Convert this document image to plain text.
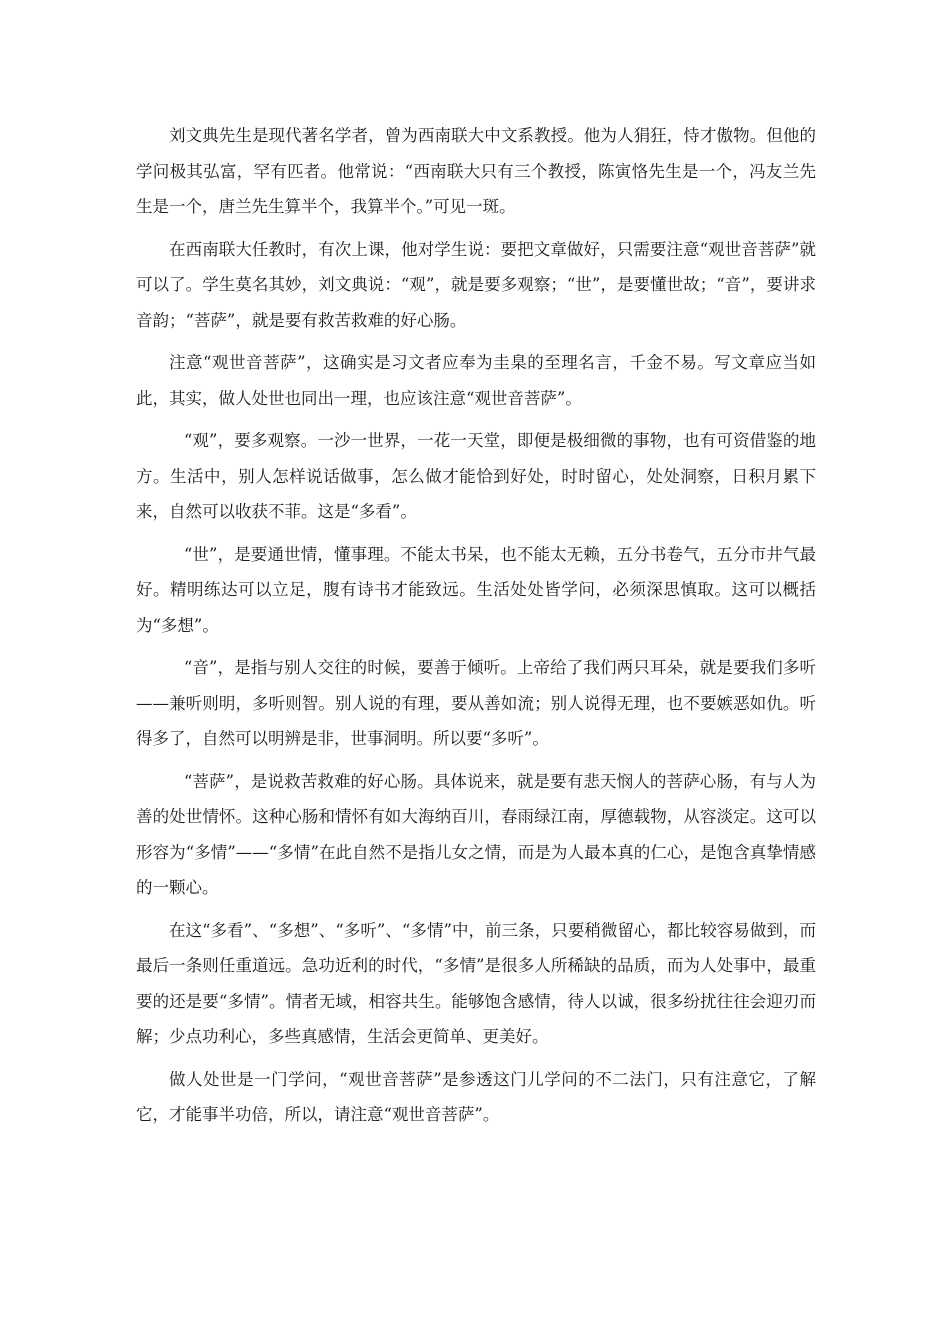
刘文典先生是现代著名学者，曾为西南联大中文系教授。他为人狷狂，恃才傲物。但他的学问极其弘富，罕有匹者。他常说：“西南联大只有三个教授，陈寅恪先生是一个，冯友兰先生是一个，唐兰先生算半个，我算半个。”可见一斑。

在西南联大任教时，有次上课，他对学生说：要把文章做好，只需要注意“观世音菩萨”就可以了。学生莫名其妙，刘文典说：“观”，就是要多观察；“世”，是要懂世故；“音”，要讲求音韵；“菩萨”，就是要有救苦救难的好心肠。

注意“观世音菩萨”，这确实是习文者应奉为圭臬的至理名言，千金不易。写文章应当如此，其实，做人处世也同出一理，也应该注意“观世音菩萨”。

“观”，要多观察。一沙一世界，一花一天堂，即便是极细微的事物，也有可资借鉴的地方。生活中，别人怎样说话做事，怎么做才能恰到好处，时时留心，处处洞察，日积月累下来，自然可以收获不菲。这是“多看”。

“世”，是要通世情，懂事理。不能太书呆，也不能太无赖，五分书卷气，五分市井气最好。精明练达可以立足，腹有诗书才能致远。生活处处皆学问，必须深思慎取。这可以概括为“多想”。

“音”，是指与别人交往的时候，要善于倾听。上帝给了我们两只耳朵，就是要我们多听——兼听则明，多听则智。别人说的有理，要从善如流；别人说得无理，也不要嫉恶如仇。听得多了，自然可以明辨是非，世事洞明。所以要“多听”。

“菩萨”，是说救苦救难的好心肠。具体说来，就是要有悲天悯人的菩萨心肠，有与人为善的处世情怀。这种心肠和情怀有如大海纳百川，春雨绿江南，厚德载物，从容淡定。这可以形容为“多情”——“多情”在此自然不是指儿女之情，而是为人最本真的仁心，是饱含真挚情感的一颗心。

在这“多看”、“多想”、“多听”、“多情”中，前三条，只要稍微留心，都比较容易做到，而最后一条则任重道远。急功近利的时代，“多情”是很多人所稀缺的品质，而为人处事中，最重要的还是要“多情”。情者无域，相容共生。能够饱含感情，待人以诚，很多纷扰往往会迎刃而解；少点功利心，多些真感情，生活会更简单、更美好。

做人处世是一门学问，“观世音菩萨”是参透这门儿学问的不二法门，只有注意它，了解它，才能事半功倍，所以，请注意“观世音菩萨”。
